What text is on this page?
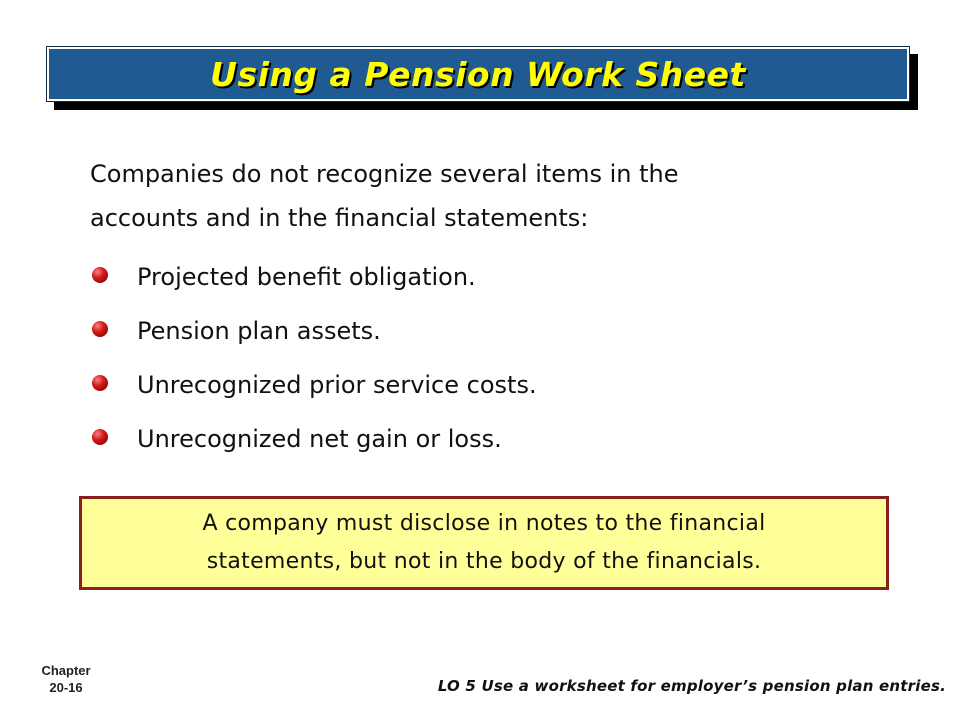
Using a Pension Work Sheet
Companies do not recognize several items in the
accounts and in the financial statements:
Projected benefit obligation.
Pension plan assets.
Unrecognized prior service costs.
Unrecognized net gain or loss.
A company must disclose in notes to the financial
statements, but not in the body of the financials.
Chapter
20-16	LO 5 Use a worksheet for employer’s pension plan entries.
